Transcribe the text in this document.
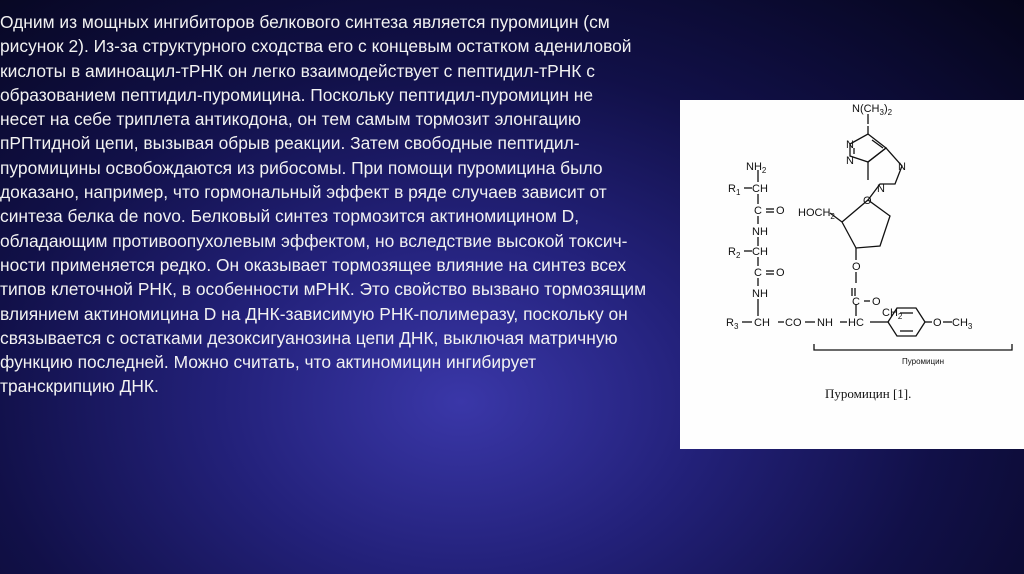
Одним из мощных ингибиторов белкового синтеза является пуромицин (см
рисунок 2). Из-за структурного сходства его с концевым остатком адениловой
кислоты в аминоацил-тРНК он легко взаимодействует с пептидил-тРНК с
образованием пептидил-пуромицина. Поскольку пептидил-пуромицин не
несет на себе триплета антикодона, он тем самым тормозит элонгацию
пРПтидной цепи, вызывая обрыв реакции. Затем свободные пептидил-
пуромицины освобождаются из рибосомы. При помощи пуромицина было
доказано, например, что гормональный эффект в ряде случаев зависит от
синтеза белка de novo. Белковый синтез тормозится актиномицином D,
обладающим противоопухолевым эффектом, но вследствие высокой токсич-
ности применяется редко. Он оказывает тормозящее влияние на синтез всех
типов клеточной РНК, в особенности мРНК. Это свойство вызвано тормозящим
влиянием актиномицина D на ДНК-зависимую РНК-полимеразу, поскольку он
связывается с остатками дезоксигуанозина цепи ДНК, выключая матричную
функцию последней. Можно считать, что актиномицин ингибирует
транскрипцию ДНК.

$NH_2$
$R_1$ CH
C O
NH
$R_2$ CH
C O
NH
$R_3$ CH CO NH HC
$CH_2$
O $CH_3$
$HOCH_2$
O
O
C O
$N(CH_3)_2$
N
N	N
N
Пуромицин
Пуромицин [1].
